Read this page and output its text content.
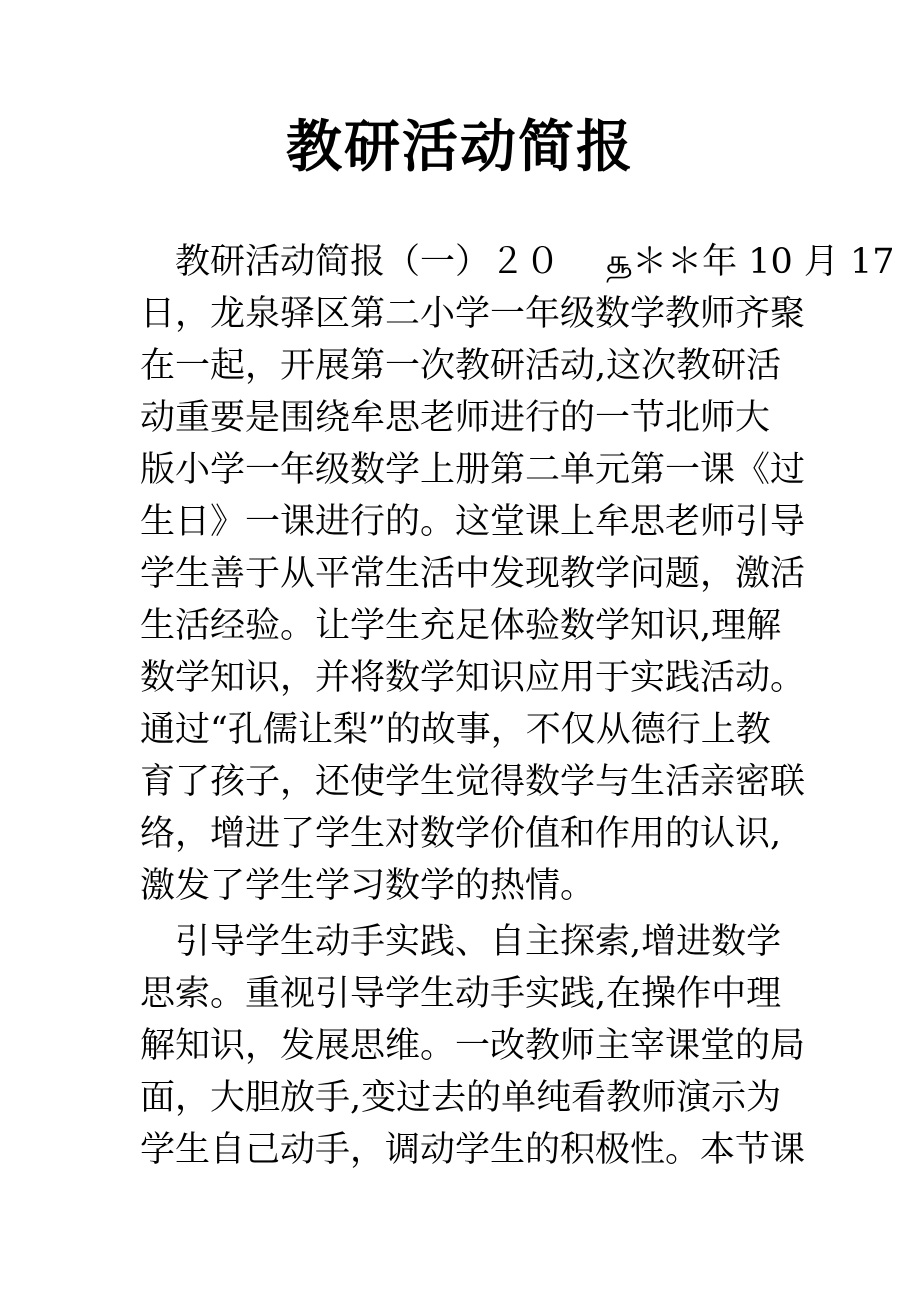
教研活动简报
　教研活动简报（一）２０　 ௲＊＊年 10 月 17
日，龙泉驿区第二小学一年级数学教师齐聚
在一起，开展第一次教研活动,这次教研活
动重要是围绕牟思老师进行的一节北师大
版小学一年级数学上册第二单元第一课《过
生日》一课进行的。这堂课上牟思老师引导
学生善于从平常生活中发现教学问题，激活
生活经验。让学生充足体验数学知识,理解
数学知识，并将数学知识应用于实践活动。
通过“孔儒让梨”的故事，不仅从德行上教
育了孩子，还使学生觉得数学与生活亲密联
络，增进了学生对数学价值和作用的认识,
激发了学生学习数学的热情。
　引导学生动手实践、自主探索,增进数学
思索。重视引导学生动手实践,在操作中理
解知识，发展思维。一改教师主宰课堂的局
面，大胆放手,变过去的单纯看教师演示为
学生自己动手，调动学生的积极性。本节课
